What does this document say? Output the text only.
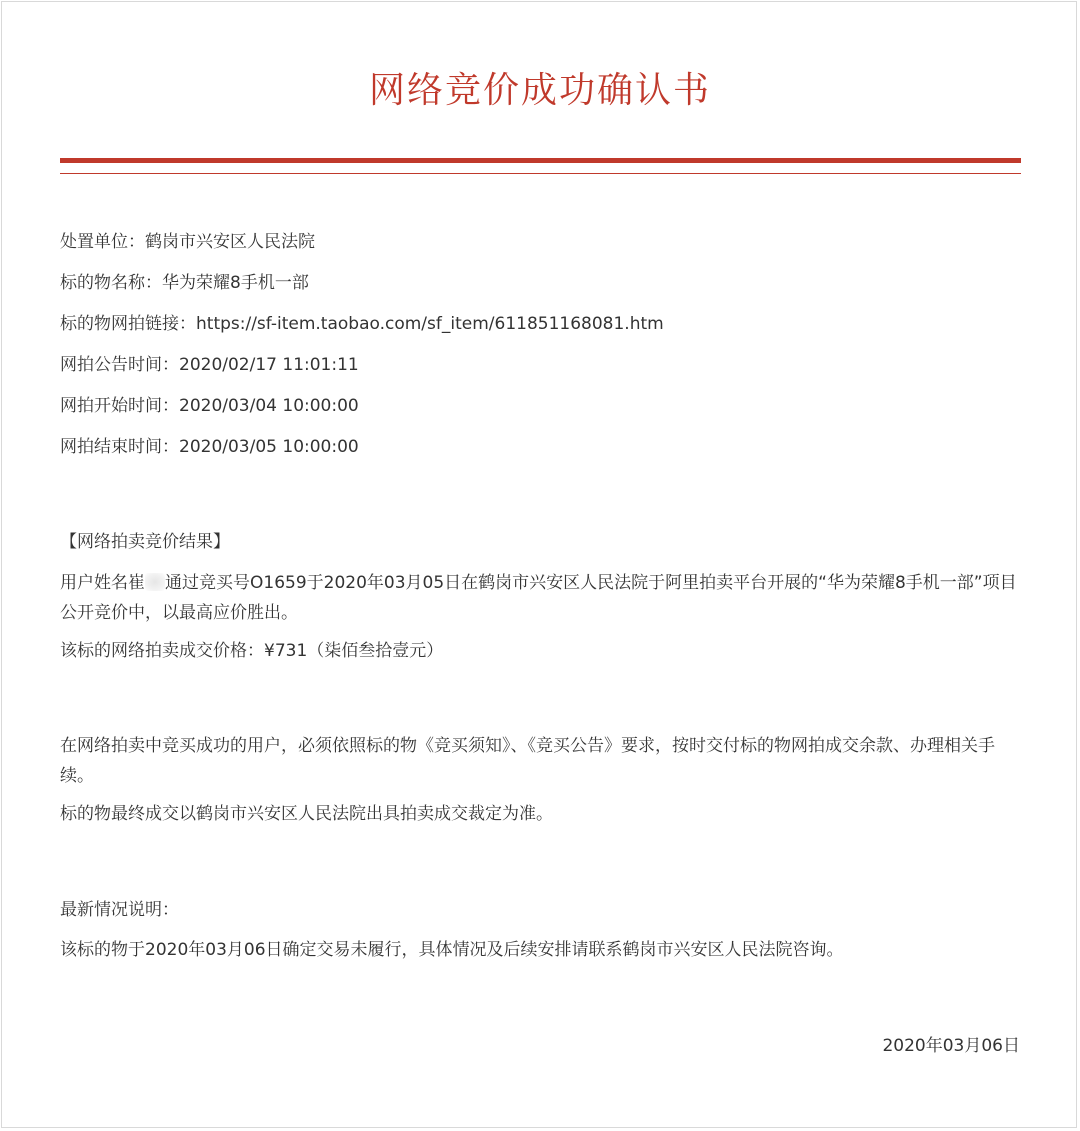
网络竞价成功确认书
处置单位：鹤岗市兴安区人民法院
标的物名称：华为荣耀8手机一部
标的物网拍链接：https://sf-item.taobao.com/sf_item/611851168081.htm
网拍公告时间：2020/02/17 11:01:11
网拍开始时间：2020/03/04 10:00:00
网拍结束时间：2020/03/05 10:00:00
【网络拍卖竞价结果】
用户姓名崔 通过竞买号O1659于2020年03月05日在鹤岗市兴安区人民法院于阿里拍卖平台开展的“华为荣耀8手机一部”项目公开竞价中，以最高应价胜出。
该标的网络拍卖成交价格：¥731（柒佰叁拾壹元）
在网络拍卖中竞买成功的用户，必须依照标的物《竞买须知》、《竞买公告》要求，按时交付标的物网拍成交余款、办理相关手续。
标的物最终成交以鹤岗市兴安区人民法院出具拍卖成交裁定为准。
最新情况说明：
该标的物于2020年03月06日确定交易未履行，具体情况及后续安排请联系鹤岗市兴安区人民法院咨询。
2020年03月06日
